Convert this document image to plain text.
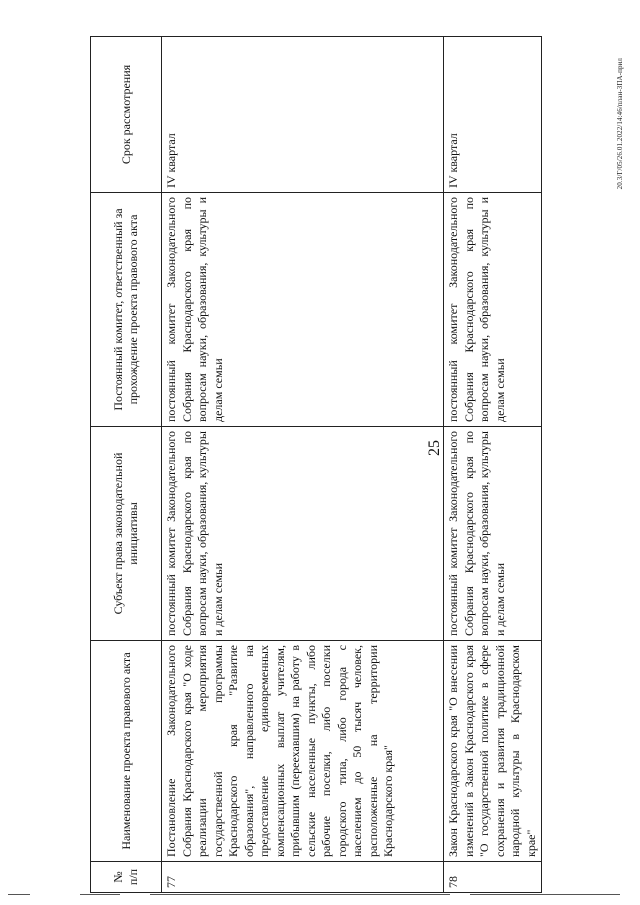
25
20.3/Г/05/26.01.2022/14:46/план-ЗПА-прил
№ п/п	Наименование проекта правового акта	Субъект права законодательной инициативы	Постоянный комитет, ответственный за прохождение проекта правового акта	Срок рассмотрения
77	Постановление Законодательного Собрания Краснодарского края "О ходе реализации мероприятия государственной программы Краснодарского края "Развитие образования", направленного на предоставление единовременных компенсационных выплат учителям, прибывшим (переехавшим) на работу в сельские населенные пункты, либо рабочие поселки, либо поселки городского типа, либо города с населением до 50 тысяч человек, расположенные на территории Краснодарского края"	постоянный комитет Законодательного Собрания Краснодарского края по вопросам науки, образования, культуры и делам семьи	постоянный комитет Законодательного Собрания Краснодарского края по вопросам науки, образования, культуры и делам семьи	IV квартал
78	Закон Краснодарского края "О внесении изменений в Закон Краснодарского края "О государственной политике в сфере сохранения и развития традиционной народной культуры в Краснодарском крае"	постоянный комитет Законодательного Собрания Краснодарского края по вопросам науки, образования, культуры и делам семьи	постоянный комитет Законодательного Собрания Краснодарского края по вопросам науки, образования, культуры и делам семьи	IV квартал
